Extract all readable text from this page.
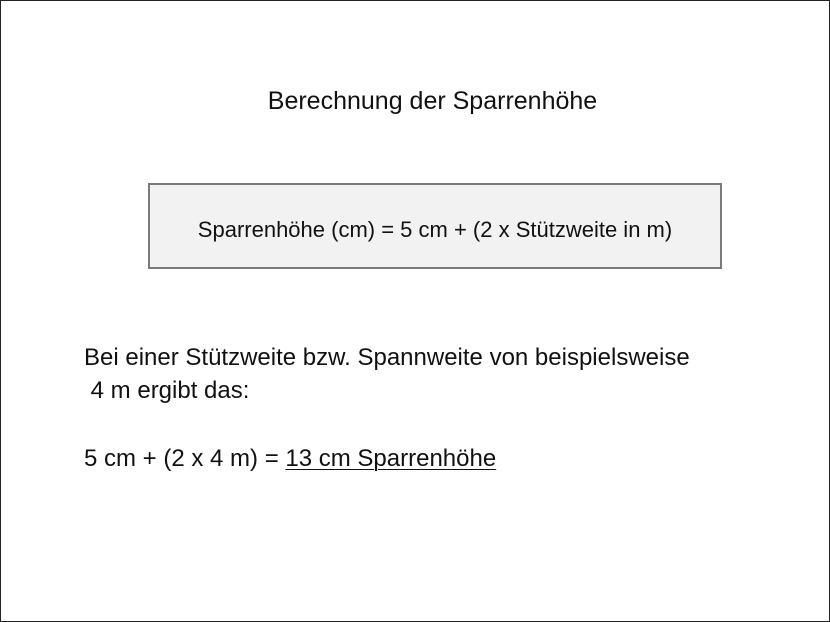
Berechnung der Sparrenhöhe
Sparrenhöhe (cm) = 5 cm + (2 x Stützweite in m)
Bei einer Stützweite bzw. Spannweite von beispielsweise
4 m ergibt das:
5 cm + (2 x 4 m) = 13 cm Sparrenhöhe
